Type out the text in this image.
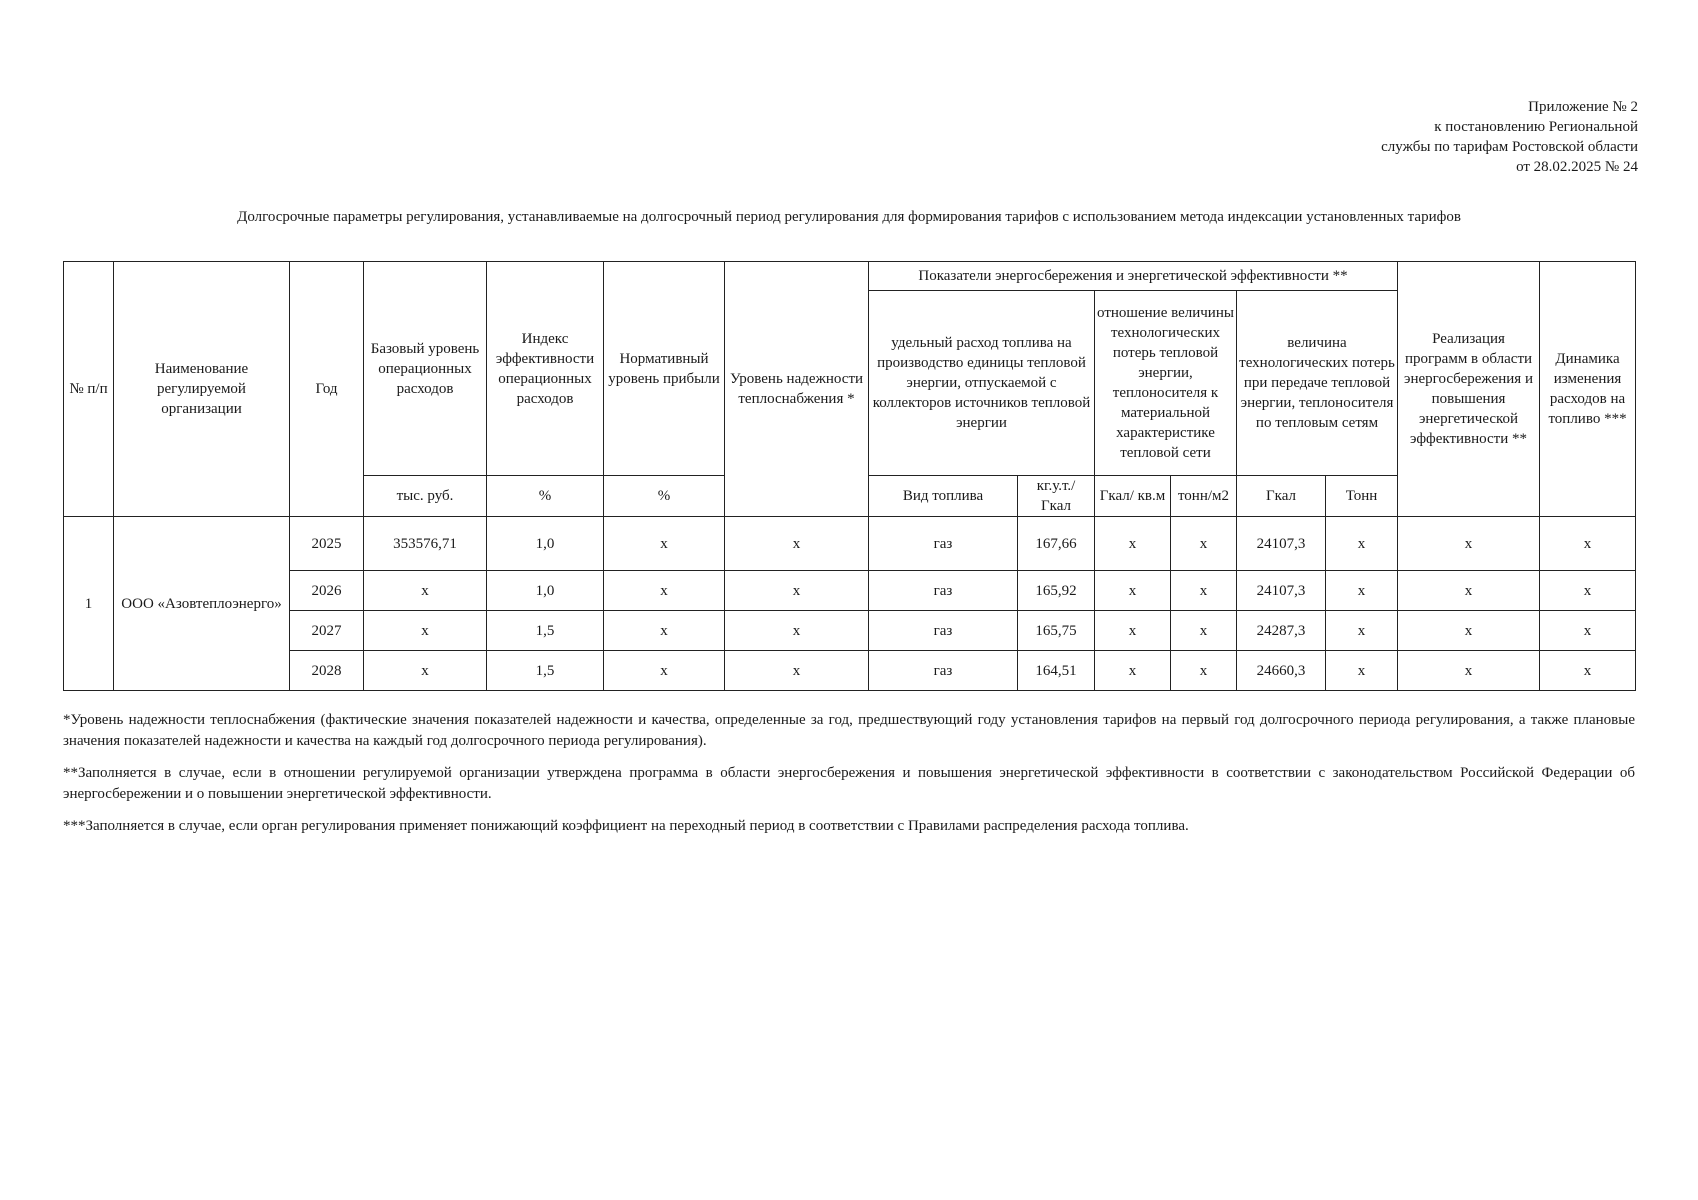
Приложение № 2
к постановлению Региональной
службы по тарифам Ростовской области
от 28.02.2025 № 24
Долгосрочные параметры регулирования, устанавливаемые на долгосрочный период регулирования для формирования тарифов с использованием метода индексации установленных тарифов
№ п/п	Наименование регулируемой организации	Год	Базовый уровень операционных расходов	Индекс эффективности операционных расходов	Нормативный уровень прибыли	Уровень надежности теплоснабжения *	Показатели энергосбережения и энергетической эффективности **						Реализация программ в области энергосбережения и повышения энергетической эффективности **	Динамика изменения расходов на топливо ***
							удельный расход топлива на производство единицы тепловой энергии, отпускаемой с коллекторов источников тепловой энергии		отношение величины технологических потерь тепловой энергии, теплоносителя к материальной характеристике тепловой сети		величина технологических потерь при передаче тепловой энергии, теплоносителя по тепловым сетям			
			тыс. руб.	%	%		Вид топлива	кг.у.т./ Гкал	Гкал/ кв.м	тонн/м2	Гкал	Тонн		
1	ООО «Азовтеплоэнерго»	2025	353576,71	1,0	х	х	газ	167,66	х	х	24107,3	х	х	х
		2026	х	1,0	х	х	газ	165,92	х	х	24107,3	х	х	х
		2027	х	1,5	х	х	газ	165,75	х	х	24287,3	х	х	х
		2028	х	1,5	х	х	газ	164,51	х	х	24660,3	х	х	х

*Уровень надежности теплоснабжения (фактические значения показателей надежности и качества, определенные за год, предшествующий году установления тарифов на первый год долгосрочного периода регулирования, а также плановые значения показателей надежности и качества на каждый год долгосрочного периода регулирования).

**Заполняется в случае, если в отношении регулируемой организации утверждена программа в области энергосбережения и повышения энергетической эффективности в соответствии с законодательством Российской Федерации об энергосбережении и о повышении энергетической эффективности.

***Заполняется в случае, если орган регулирования применяет понижающий коэффициент на переходный период в соответствии с Правилами распределения расхода топлива.
